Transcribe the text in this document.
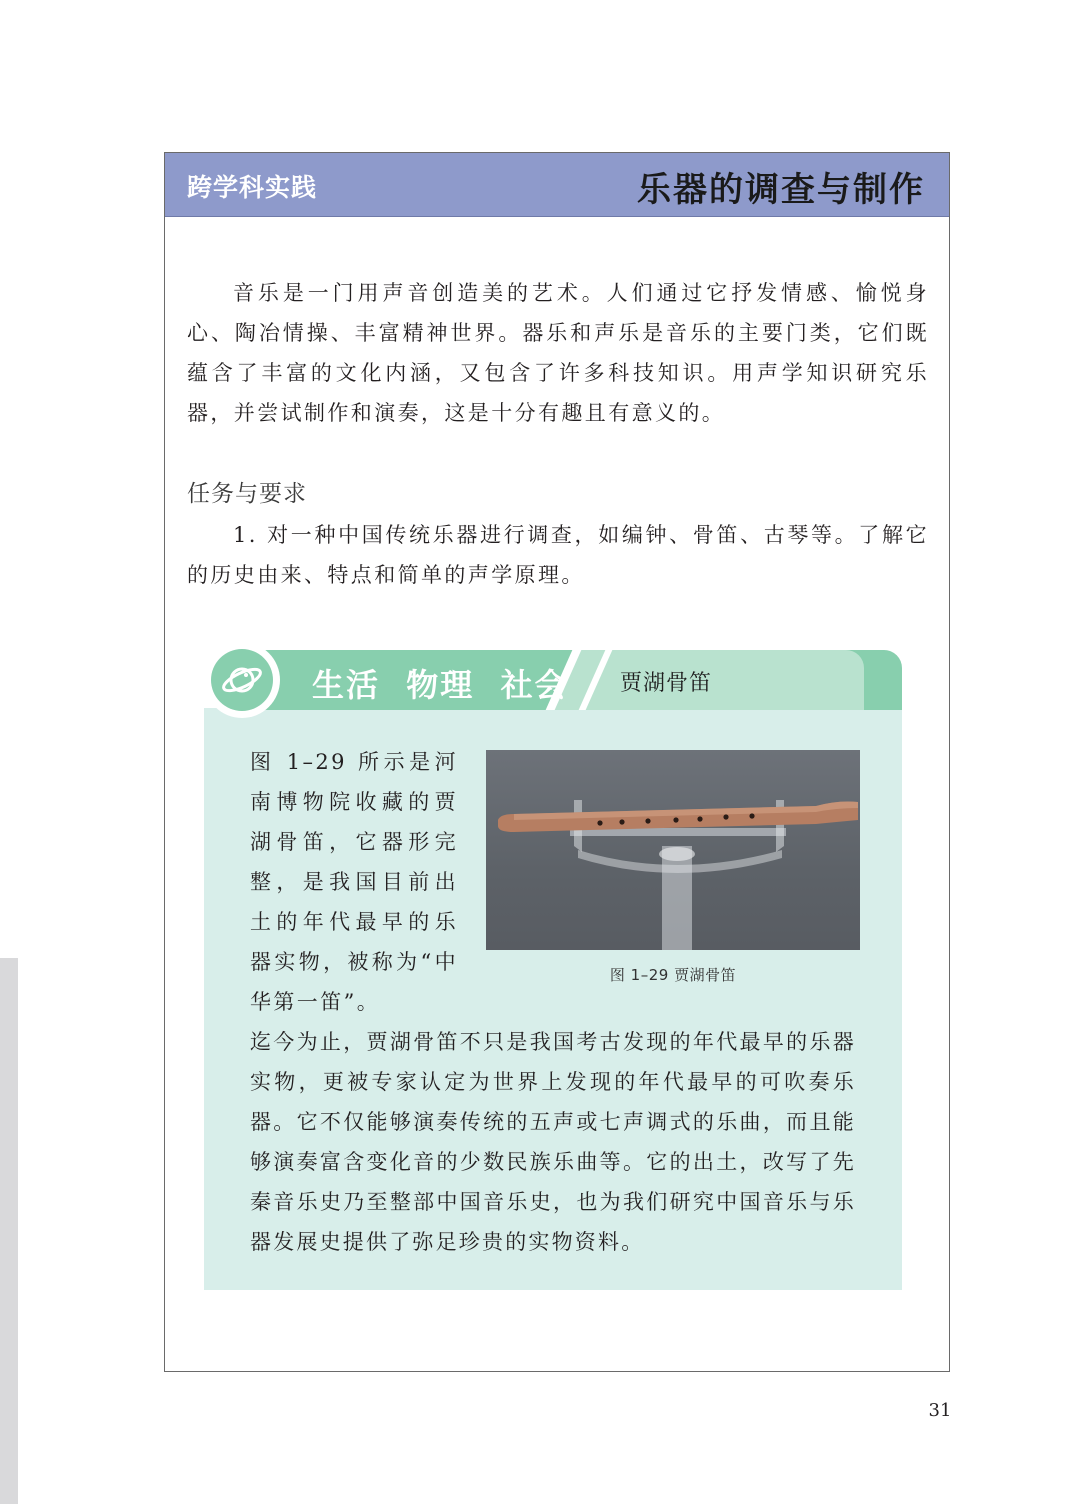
跨学科实践	乐器的调查与制作

音乐是一门用声音创造美的艺术。人们通过它抒发情感、愉悦身心、陶冶情操、丰富精神世界。器乐和声乐是音乐的主要门类，它们既蕴含了丰富的文化内涵，又包含了许多科技知识。用声学知识研究乐器，并尝试制作和演奏，这是十分有趣且有意义的。

任务与要求

1. 对一种中国传统乐器进行调查，如编钟、骨笛、古琴等。了解它的历史由来、特点和简单的声学原理。

生活  物理  社会 贾湖骨笛

图 1–29 所示是河南博物院收藏的贾湖骨笛，它器形完整，是我国目前出土的年代最早的乐器实物，被称为“中华第一笛”。

图 1–29 贾湖骨笛

迄今为止，贾湖骨笛不只是我国考古发现的年代最早的乐器实物，更被专家认定为世界上发现的年代最早的可吹奏乐器。它不仅能够演奏传统的五声或七声调式的乐曲，而且能够演奏富含变化音的少数民族乐曲等。它的出土，改写了先秦音乐史乃至整部中国音乐史，也为我们研究中国音乐与乐器发展史提供了弥足珍贵的实物资料。

31
